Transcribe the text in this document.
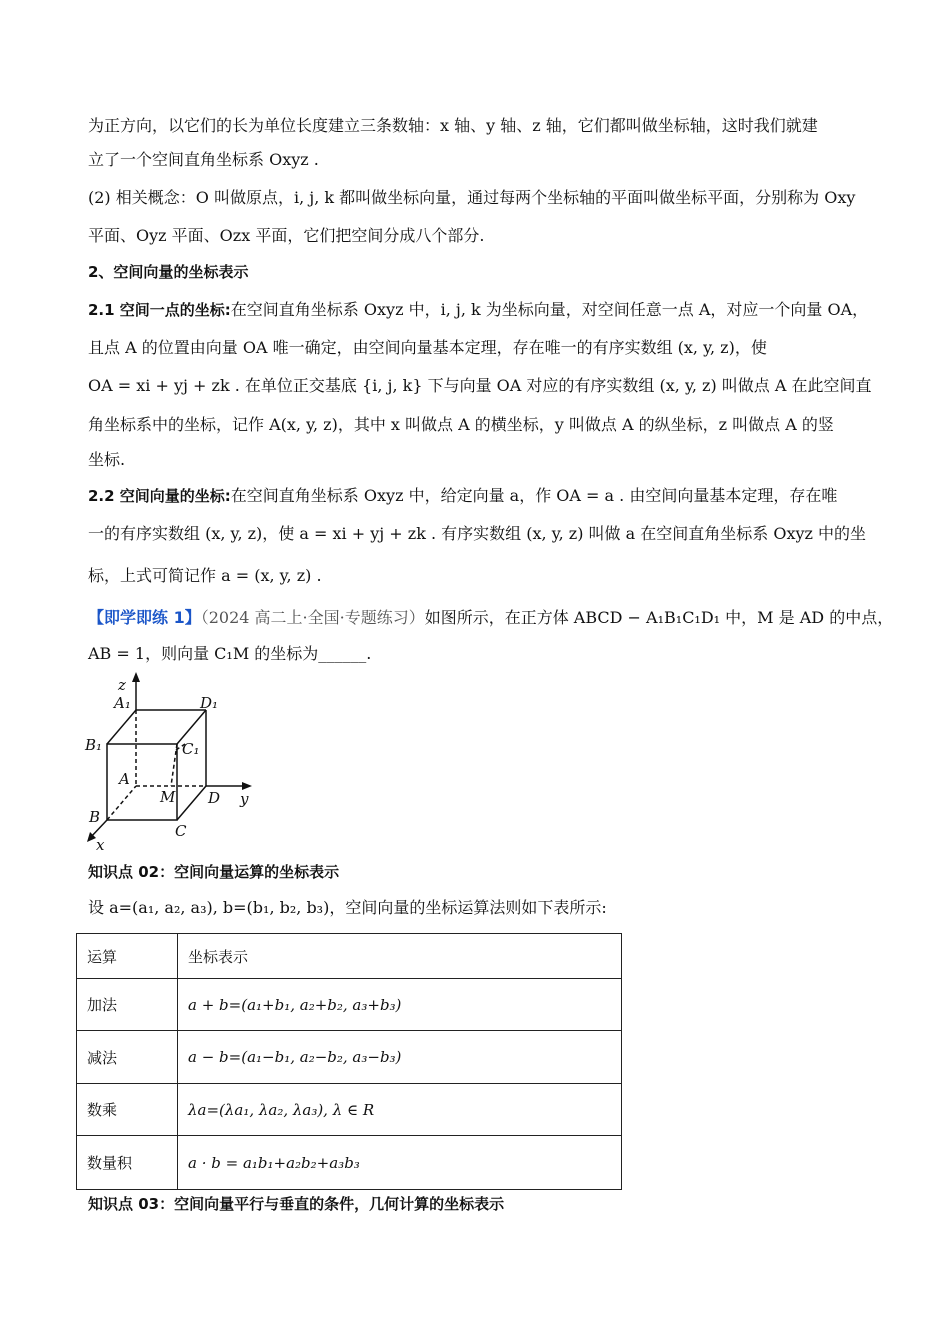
为正方向，以它们的长为单位长度建立三条数轴：x 轴、y 轴、z 轴，它们都叫做坐标轴，这时我们就建
立了一个空间直角坐标系 Oxyz .
(2) 相关概念：O 叫做原点，i, j, k 都叫做坐标向量，通过每两个坐标轴的平面叫做坐标平面，分别称为 Oxy
平面、Oyz 平面、Ozx 平面，它们把空间分成八个部分.
2、空间向量的坐标表示
2.1 空间一点的坐标:在空间直角坐标系 Oxyz 中，i, j, k 为坐标向量，对空间任意一点 A，对应一个向量 OA，
且点 A 的位置由向量 OA 唯一确定，由空间向量基本定理，存在唯一的有序实数组 (x, y, z)，使
OA = xi + yj + zk . 在单位正交基底 {i, j, k} 下与向量 OA 对应的有序实数组 (x, y, z) 叫做点 A 在此空间直
角坐标系中的坐标，记作 A(x, y, z)，其中 x 叫做点 A 的横坐标，y 叫做点 A 的纵坐标，z 叫做点 A 的竖
坐标.
2.2 空间向量的坐标:在空间直角坐标系 Oxyz 中，给定向量 a，作 OA = a . 由空间向量基本定理，存在唯
一的有序实数组 (x, y, z)，使 a = xi + yj + zk . 有序实数组 (x, y, z) 叫做 a 在空间直角坐标系 Oxyz 中的坐
标，上式可简记作 a = (x, y, z) .
【即学即练 1】（2024 高二上·全国·专题练习）如图所示，在正方体 ABCD − A₁B₁C₁D₁ 中，M 是 AD 的中点，
AB = 1，则向量 C₁M 的坐标为______.
z
A₁	D₁
B₁	C₁
A
M D y
B
C
x
知识点 02：空间向量运算的坐标表示
设 a=(a₁, a₂, a₃), b=(b₁, b₂, b₃)，空间向量的坐标运算法则如下表所示:
运算	坐标表示
加法	a + b=(a₁+b₁, a₂+b₂, a₃+b₃)
减法	a − b=(a₁−b₁, a₂−b₂, a₃−b₃)
数乘	λa=(λa₁, λa₂, λa₃), λ ∈ R
数量积	a · b = a₁b₁+a₂b₂+a₃b₃
知识点 03：空间向量平行与垂直的条件，几何计算的坐标表示
